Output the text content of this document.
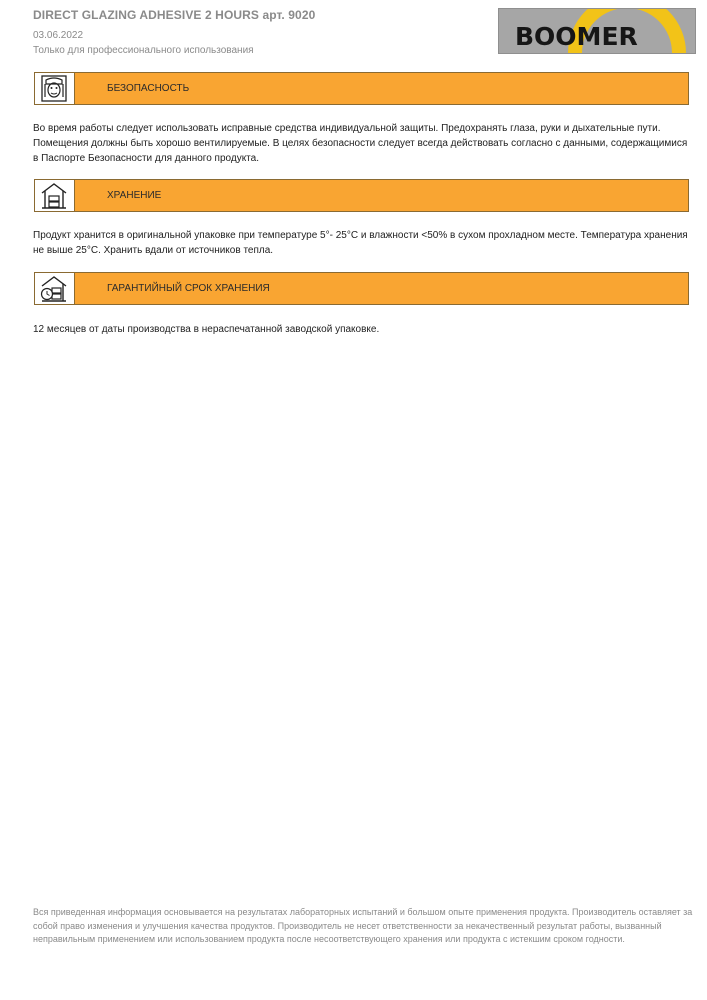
DIRECT GLAZING ADHESIVE 2 HOURS арт. 9020
03.06.2022
Только для профессионального использования	BOOMER
БЕЗОПАСНОСТЬ
Во время работы следует использовать исправные средства индивидуальной защиты. Предохранять глаза, руки и дыхательные пути. Помещения должны быть хорошо вентилируемые. В целях безопасности следует всегда действовать согласно с данными, содержащимися в Паспорте Безопасности для данного продукта.
ХРАНЕНИЕ
Продукт хранится в оригинальной упаковке при температуре 5°- 25°C и влажности <50% в сухом прохладном месте. Температура хранения не выше 25°C. Хранить вдали от источников тепла.
ГАРАНТИЙНЫЙ СРОК ХРАНЕНИЯ
12 месяцев от даты производства в нераспечатанной заводской упаковке.
Вся приведенная информация основывается на результатах лабораторных испытаний и большом опыте применения продукта. Производитель оставляет за собой право изменения и улучшения качества продуктов. Производитель не несет ответственности за некачественный результат работы, вызванный неправильным применением или использованием продукта после несоответствующего хранения или продукта с истекшим сроком годности.
